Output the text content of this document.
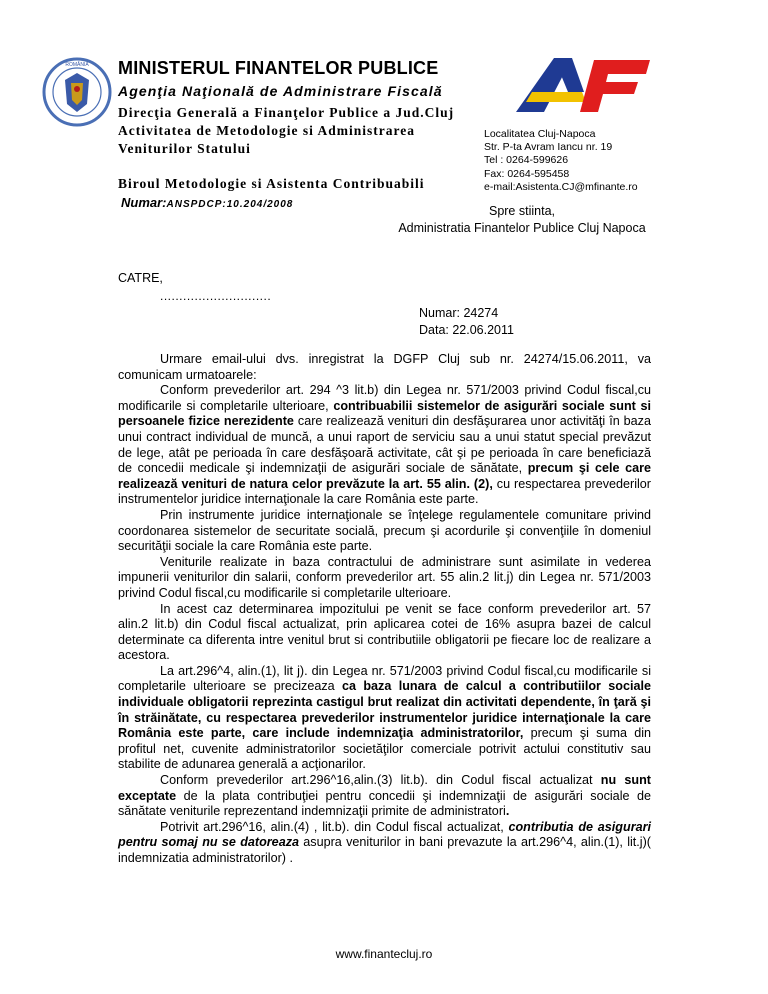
ROMÂNIA MINISTERUL FINANTELOR PUBLICE
Agenţia Naţională de Administrare Fiscală
Direcţia Generală a Finanţelor Publice a Jud.Cluj
Activitatea de Metodologie si Administrarea Veniturilor Statului
Biroul Metodologie si Asistenta Contribuabili
Numar:ANSPDCP:10.204/2008
Localitatea Cluj-Napoca
Str. P-ta Avram Iancu nr. 19
Tel : 0264-599626
Fax: 0264-595458
e-mail:Asistenta.CJ@mfinante.ro
Spre stiinta,
Administratia Finantelor Publice Cluj Napoca
CATRE,
.............................
Numar: 24274
Data: 22.06.2011

Urmare email-ului dvs. inregistrat la DGFP Cluj sub nr. 24274/15.06.2011, va comunicam urmatoarele:

Conform prevederilor art. 294 ^3 lit.b) din Legea nr. 571/2003 privind Codul fiscal,cu modificarile si completarile ulterioare, contribuabilii sistemelor de asigurări sociale sunt si persoanele fizice nerezidente care realizează venituri din desfăşurarea unor activităţi în baza unui contract individual de muncă, a unui raport de serviciu sau a unui statut special prevăzut de lege, atât pe perioada în care desfăşoară activitate, cât şi pe perioada în care beneficiază de concedii medicale şi indemnizaţii de asigurări sociale de sănătate, precum şi cele care realizează venituri de natura celor prevăzute la art. 55 alin. (2), cu respectarea prevederilor instrumentelor juridice internaţionale la care România este parte.

Prin instrumente juridice internaţionale se înţelege regulamentele comunitare privind coordonarea sistemelor de securitate socială, precum şi acordurile şi convenţiile în domeniul securităţii sociale la care România este parte.

Veniturile realizate in baza contractului de administrare sunt asimilate in vederea impunerii veniturilor din salarii, conform prevederilor art. 55 alin.2 lit.j) din Legea nr. 571/2003 privind Codul fiscal,cu modificarile si completarile ulterioare.

In acest caz determinarea impozitului pe venit se face conform prevederilor art. 57 alin.2 lit.b) din Codul fiscal actualizat, prin aplicarea cotei de 16% asupra bazei de calcul determinate ca diferenta intre venitul brut si contributiile obligatorii pe fiecare loc de realizare a acestora.

La art.296^4, alin.(1), lit j). din Legea nr. 571/2003 privind Codul fiscal,cu modificarile si completarile ulterioare se precizeaza ca baza lunara de calcul a contributiilor sociale individuale obligatorii reprezinta castigul brut realizat din activitati dependente, în ţară şi în străinătate, cu respectarea prevederilor instrumentelor juridice internaţionale la care România este parte, care include indemnizaţia administratorilor, precum şi suma din profitul net, cuvenite administratorilor societăţilor comerciale potrivit actului constitutiv sau stabilite de adunarea generală a acţionarilor.

Conform prevederilor art.296^16,alin.(3) lit.b). din Codul fiscal actualizat nu sunt exceptate de la plata contribuţiei pentru concedii şi indemnizaţii de asigurări sociale de sănătate veniturile reprezentand indemnizaţii primite de administratori.

Potrivit art.296^16, alin.(4) , lit.b). din Codul fiscal actualizat, contributia de asigurari pentru somaj nu se datoreaza asupra veniturilor in bani prevazute la art.296^4, alin.(1), lit.j)( indemnizatia administratorilor) .

www.finantecluj.ro
